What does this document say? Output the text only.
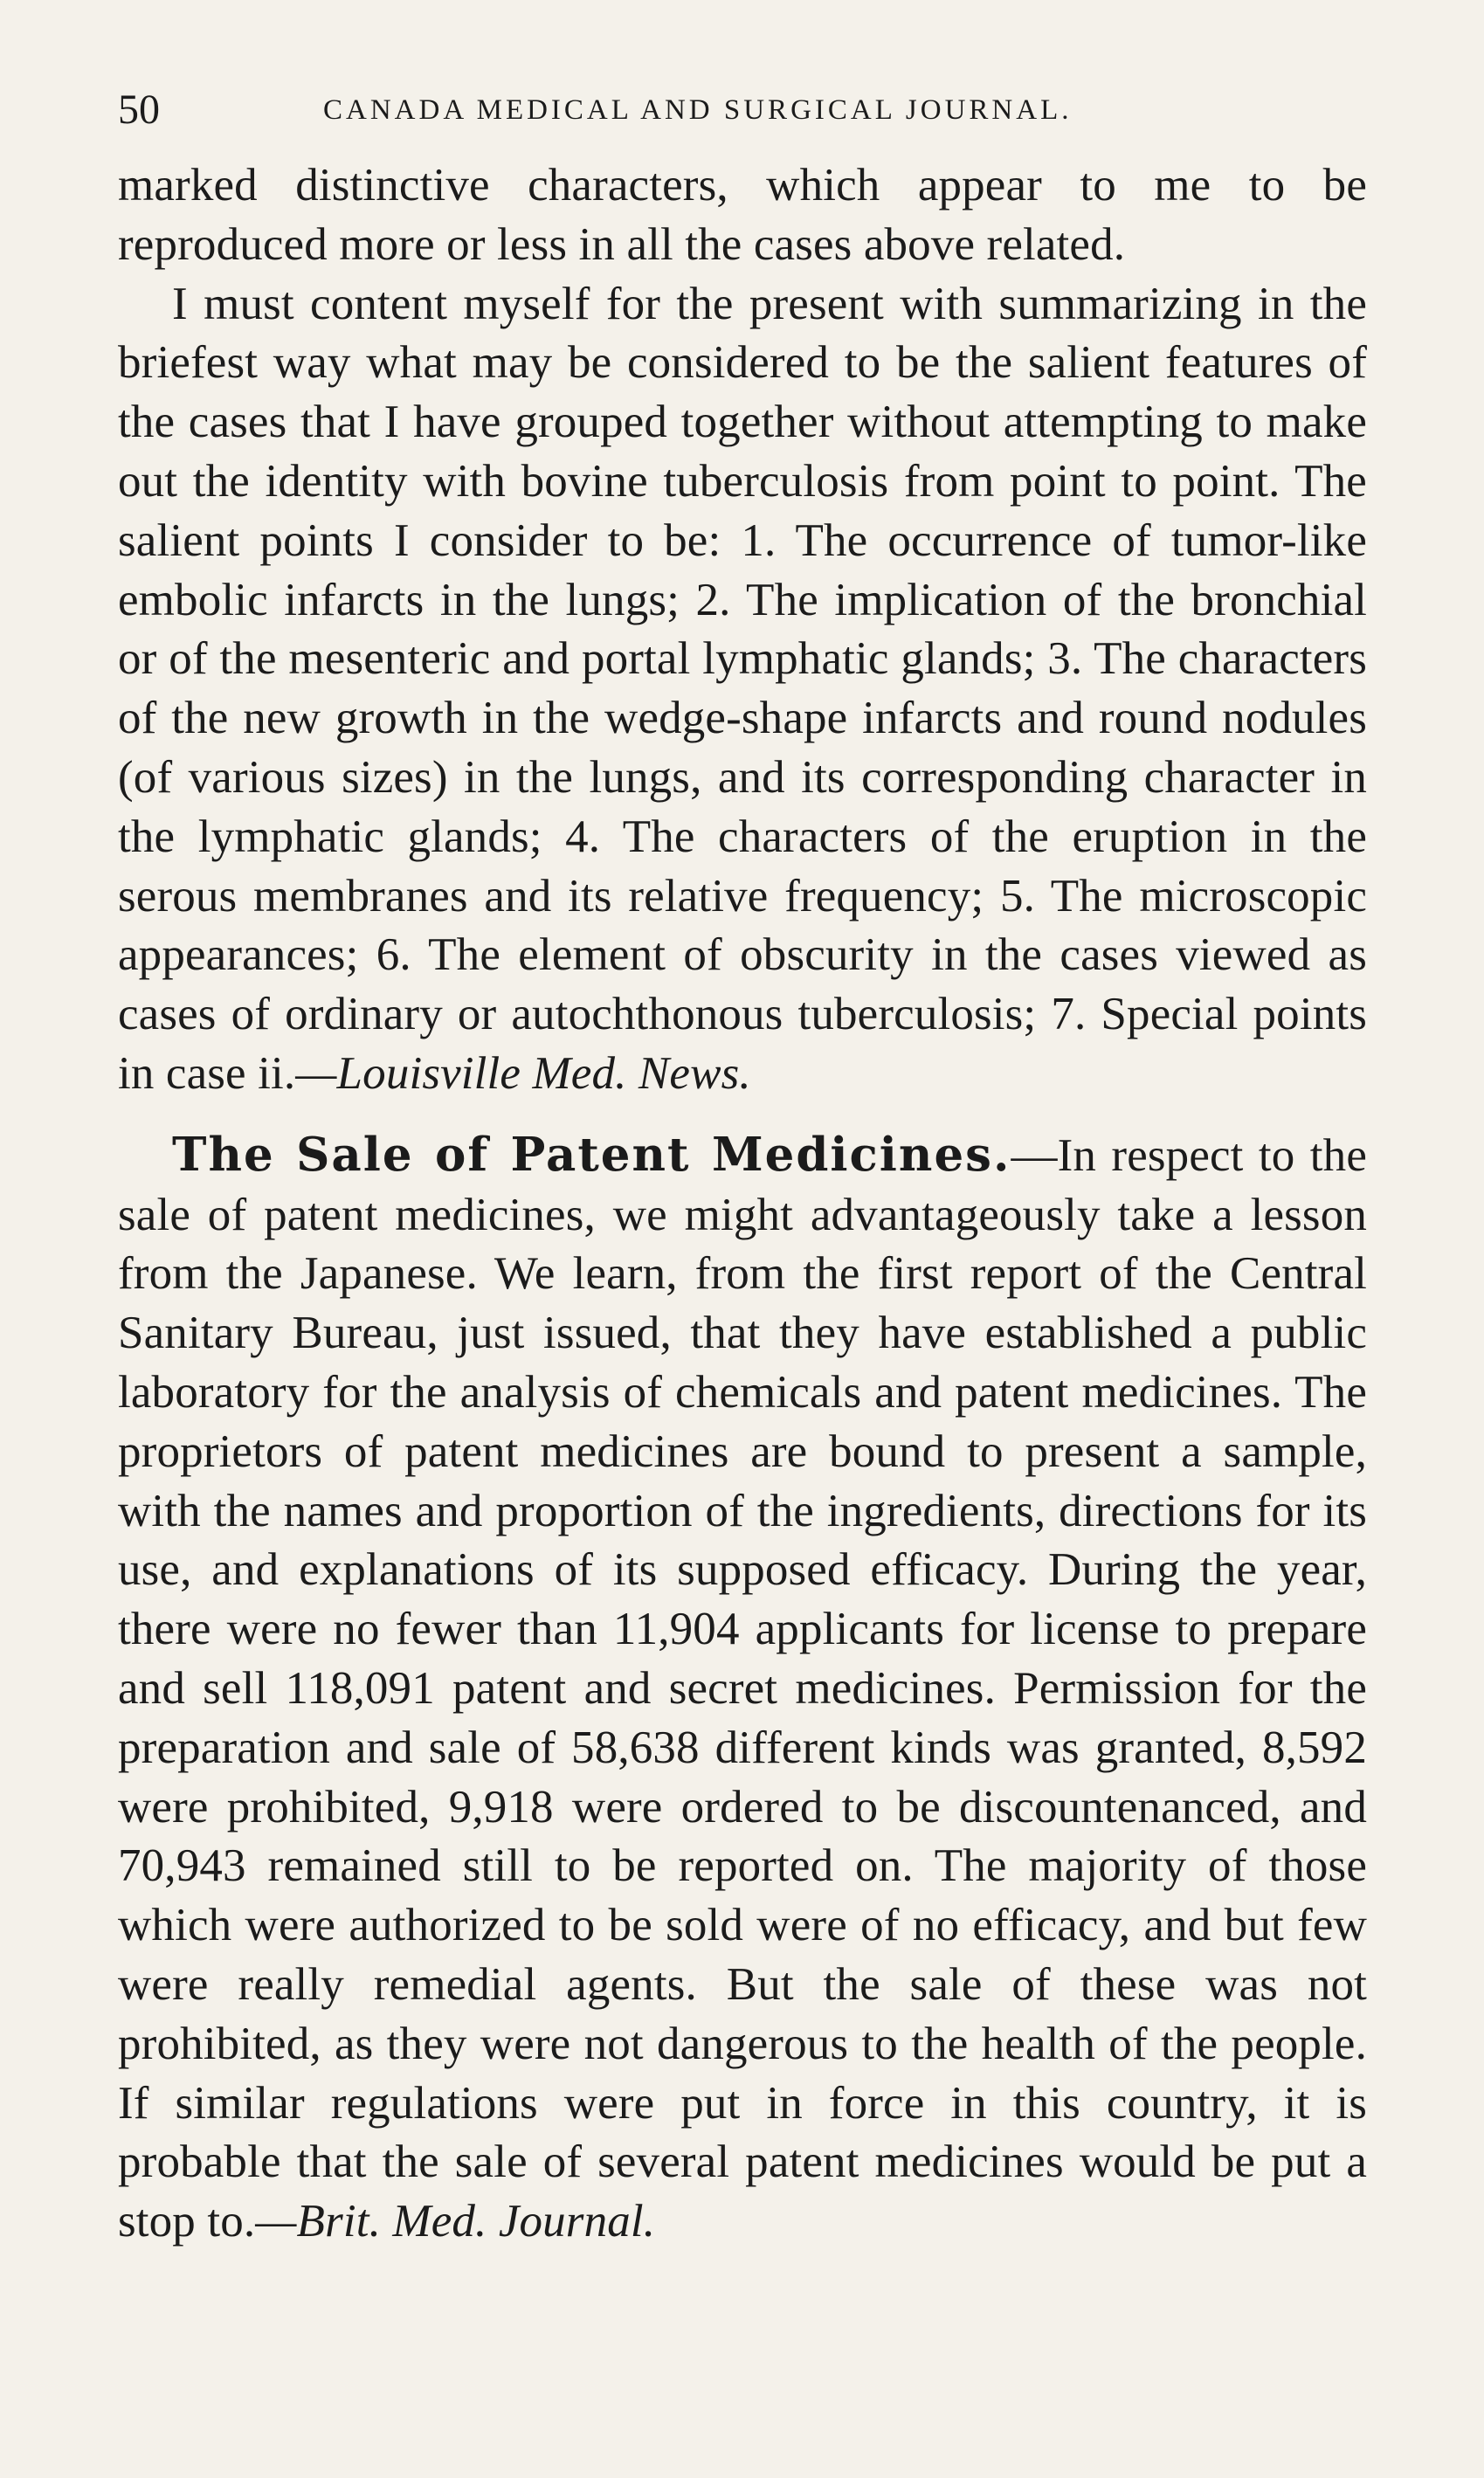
50	CANADA MEDICAL AND SURGICAL JOURNAL.

marked distinctive characters, which appear to me to be reproduced more or less in all the cases above related.

I must content myself for the present with summarizing in the briefest way what may be considered to be the salient features of the cases that I have grouped together without attempting to make out the identity with bovine tuberculosis from point to point. The salient points I consider to be: 1. The occurrence of tumor-like embolic infarcts in the lungs; 2. The implication of the bronchial or of the mesenteric and portal lymphatic glands; 3. The characters of the new growth in the wedge-shape infarcts and round nodules (of various sizes) in the lungs, and its corresponding character in the lymphatic glands; 4. The characters of the eruption in the serous membranes and its relative frequency; 5. The microscopic appearances; 6. The element of obscurity in the cases viewed as cases of ordinary or autochthonous tuberculosis; 7. Special points in case ii.—Louisville Med. News.

The Sale of Patent Medicines.—In respect to the sale of patent medicines, we might advantageously take a lesson from the Japanese. We learn, from the first report of the Central Sanitary Bureau, just issued, that they have established a public laboratory for the analysis of chemicals and patent medicines. The proprietors of patent medicines are bound to present a sample, with the names and proportion of the ingredients, directions for its use, and explanations of its supposed efficacy. During the year, there were no fewer than 11,904 applicants for license to prepare and sell 118,091 patent and secret medicines. Permission for the preparation and sale of 58,638 different kinds was granted, 8,592 were prohibited, 9,918 were ordered to be discountenanced, and 70,943 remained still to be reported on. The majority of those which were authorized to be sold were of no efficacy, and but few were really remedial agents. But the sale of these was not prohibited, as they were not dangerous to the health of the people. If similar regulations were put in force in this country, it is probable that the sale of several patent medicines would be put a stop to.—Brit. Med. Journal.
